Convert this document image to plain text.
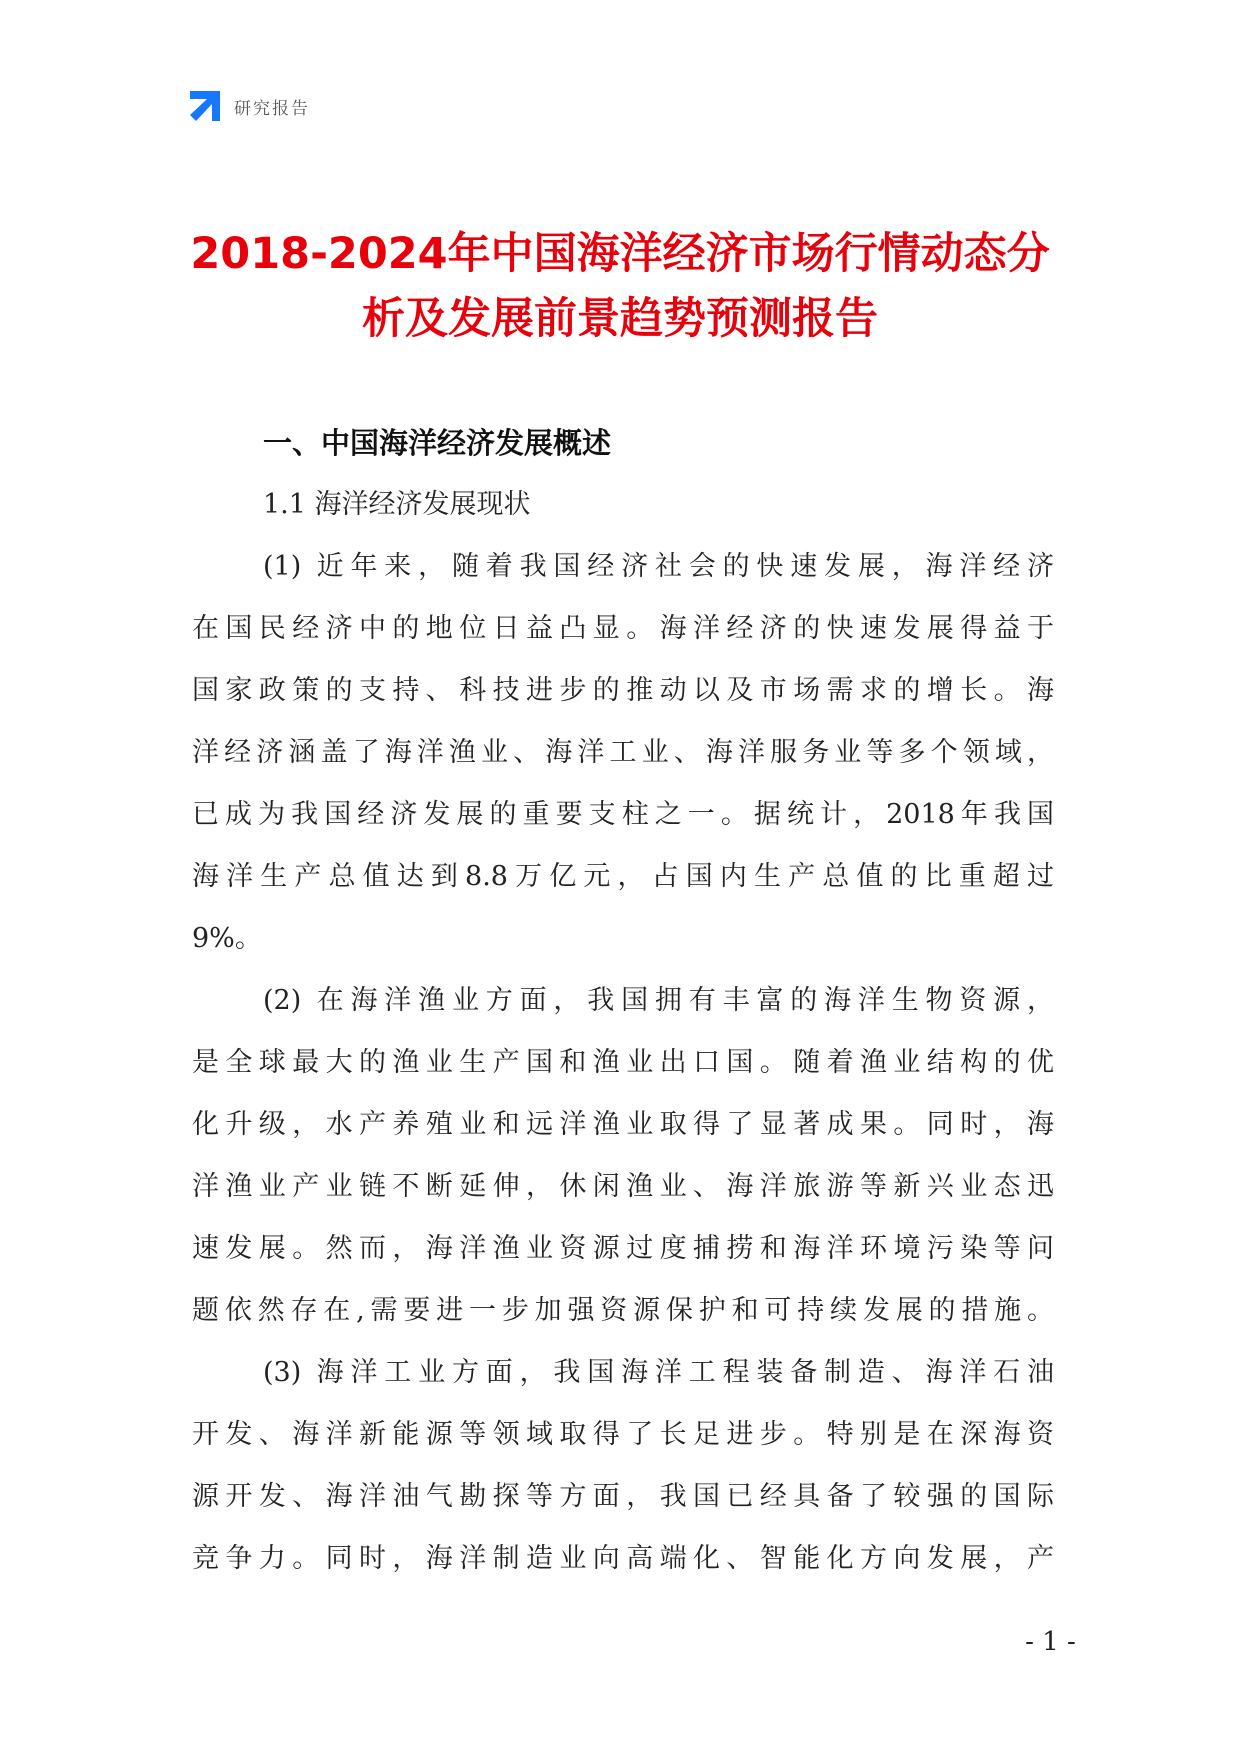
研究报告
2018-2024年中国海洋经济市场行情动态分
析及发展前景趋势预测报告
一、中国海洋经济发展概述
1.1 海洋经济发展现状
(1) 近年来，随着我国经济社会的快速发展，海洋经济
在国民经济中的地位日益凸显。海洋经济的快速发展得益于
国家政策的支持、科技进步的推动以及市场需求的增长。海
洋经济涵盖了海洋渔业、海洋工业、海洋服务业等多个领域，
已成为我国经济发展的重要支柱之一。据统计，2018年我国
海洋生产总值达到8.8万亿元，占国内生产总值的比重超过
9%。
(2) 在海洋渔业方面，我国拥有丰富的海洋生物资源，
是全球最大的渔业生产国和渔业出口国。随着渔业结构的优
化升级，水产养殖业和远洋渔业取得了显著成果。同时，海
洋渔业产业链不断延伸，休闲渔业、海洋旅游等新兴业态迅
速发展。然而，海洋渔业资源过度捕捞和海洋环境污染等问
题依然存在,需要进一步加强资源保护和可持续发展的措施。
(3) 海洋工业方面，我国海洋工程装备制造、海洋石油
开发、海洋新能源等领域取得了长足进步。特别是在深海资
源开发、海洋油气勘探等方面，我国已经具备了较强的国际
竞争力。同时，海洋制造业向高端化、智能化方向发展，产
- 1 -
